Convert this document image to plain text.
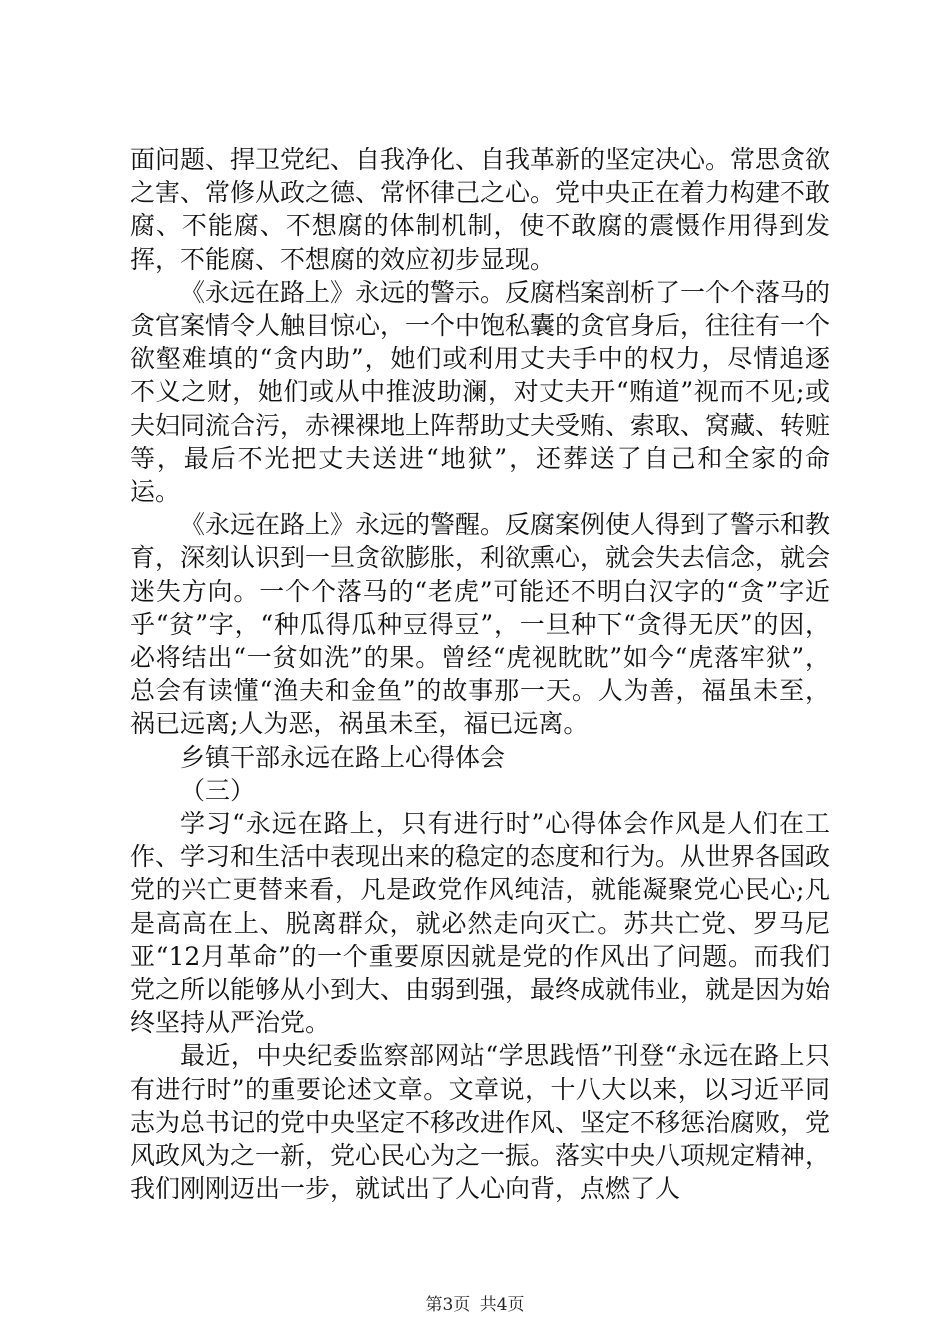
面问题、捍卫党纪、自我净化、自我革新的坚定决心。常思贪欲之害、常修从政之德、常怀律己之心。党中央正在着力构建不敢腐、不能腐、不想腐的体制机制，使不敢腐的震慑作用得到发挥，不能腐、不想腐的效应初步显现。

《永远在路上》永远的警示。反腐档案剖析了一个个落马的贪官案情令人触目惊心，一个中饱私囊的贪官身后，往往有一个欲壑难填的“贪内助”，她们或利用丈夫手中的权力，尽情追逐不义之财，她们或从中推波助澜，对丈夫开“贿道”视而不见;或夫妇同流合污，赤裸裸地上阵帮助丈夫受贿、索取、窝藏、转赃等，最后不光把丈夫送进“地狱”，还葬送了自己和全家的命运。

《永远在路上》永远的警醒。反腐案例使人得到了警示和教育，深刻认识到一旦贪欲膨胀，利欲熏心，就会失去信念，就会迷失方向。一个个落马的“老虎”可能还不明白汉字的“贪”字近乎“贫”字，“种瓜得瓜种豆得豆”，一旦种下“贪得无厌”的因，必将结出“一贫如洗”的果。曾经“虎视眈眈”如今“虎落牢狱”，总会有读懂“渔夫和金鱼”的故事那一天。人为善，福虽未至，祸已远离;人为恶，祸虽未至，福已远离。

乡镇干部永远在路上心得体会

（三）

学习“永远在路上，只有进行时”心得体会作风是人们在工作、学习和生活中表现出来的稳定的态度和行为。从世界各国政党的兴亡更替来看，凡是政党作风纯洁，就能凝聚党心民心;凡是高高在上、脱离群众，就必然走向灭亡。苏共亡党、罗马尼亚“12月革命”的一个重要原因就是党的作风出了问题。而我们党之所以能够从小到大、由弱到强，最终成就伟业，就是因为始终坚持从严治党。

最近，中央纪委监察部网站“学思践悟”刊登“永远在路上只有进行时”的重要论述文章。文章说，十八大以来，以习近平同志为总书记的党中央坚定不移改进作风、坚定不移惩治腐败，党风政风为之一新，党心民心为之一振。落实中央八项规定精神，我们刚刚迈出一步，就试出了人心向背，点燃了人

第3页 共4页
